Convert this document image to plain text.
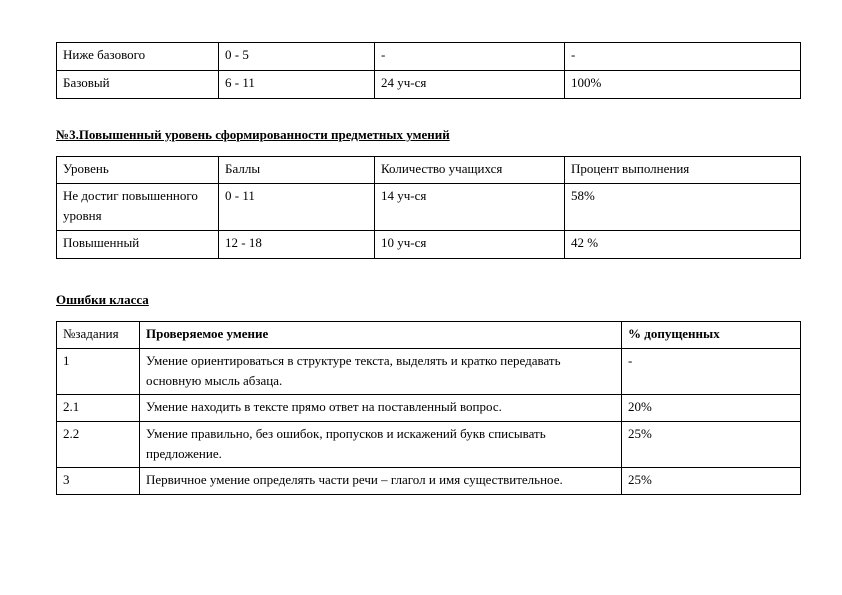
Ниже базового	0 - 5	-	-
Базовый	6 - 11	24 уч-ся	100%
№3.Повышенный уровень сформированности предметных умений
Уровень	Баллы	Количество учащихся	Процент выполнения
Не достиг повышенного уровня	0 - 11	14 уч-ся	58%
Повышенный	12 - 18	10 уч-ся	42 %
Ошибки класса
№задания	Проверяемое умение	% допущенных
1	Умение ориентироваться в структуре текста, выделять и кратко передавать основную мысль абзаца.	-
2.1	Умение находить в тексте прямо ответ на поставленный вопрос.	20%
2.2	Умение правильно, без ошибок, пропусков и искажений букв списывать предложение.	25%
3	Первичное умение определять части речи – глагол и имя существительное.	25%
